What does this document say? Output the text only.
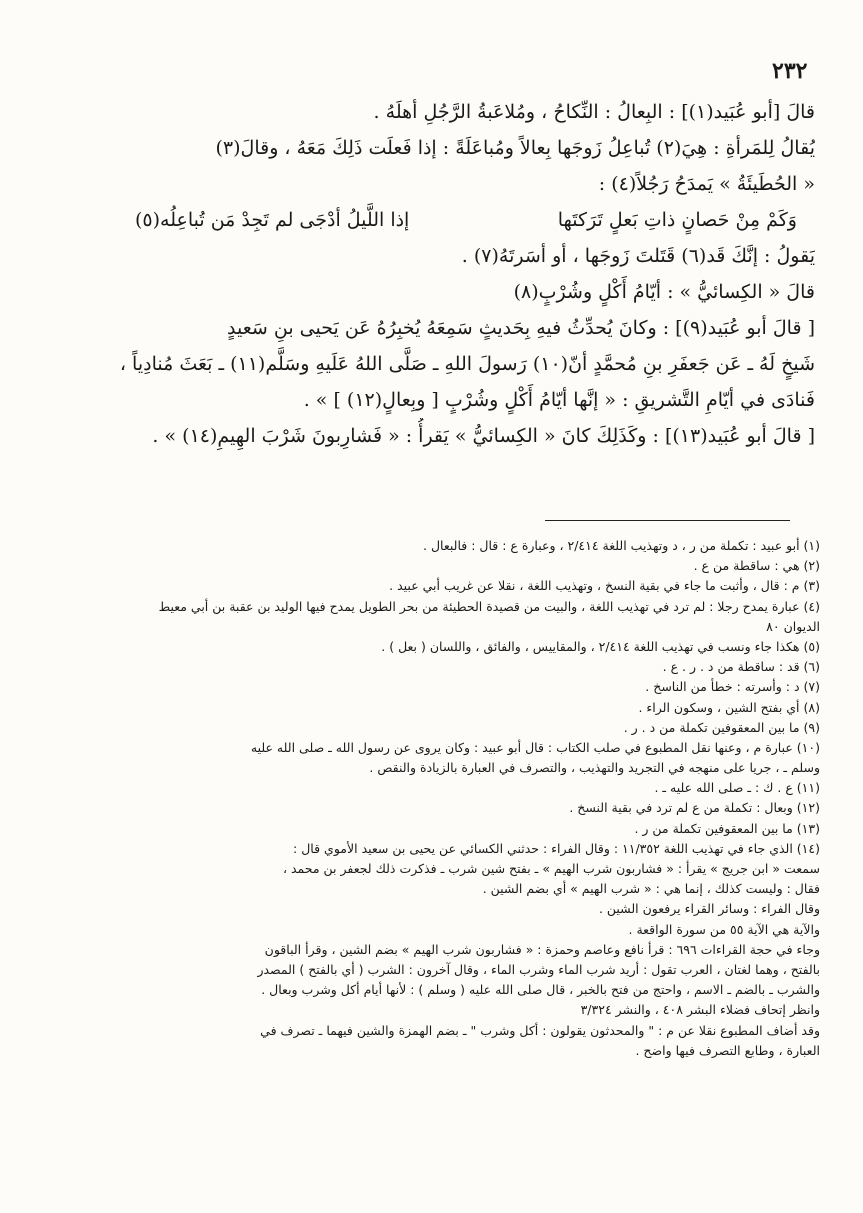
٢٣٢
قالَ [أبو عُبَيد(١)] : البِعالُ : النِّكاحُ ، ومُلاعَبةُ الرَّجُلِ أهلَهُ .
يُقالُ لِلمَرأةِ : هِيَ(٢) تُباعِلُ زَوجَها بِعالاً ومُباعَلَةً : إذا فَعلَت ذَلِكَ مَعَهُ ، وقالَ(٣)
« الحُطَيئَةُ » يَمدَحُ رَجُلاً(٤) :
وَكَمْ مِنْ حَصانٍ ذاتِ بَعلٍ تَرَكتَها
إذا اللَّيلُ أدْجَى لم تَجِدْ مَن تُباعِلُه(٥)
يَقولُ : إنَّكَ قَد(٦) قَتَلتَ زَوجَها ، أو أسَرتَهُ(٧) .
قالَ « الكِسائيُّ » : أيّامُ أَكْلٍ وشُرْبٍ(٨)
[ قالَ أبو عُبَيد(٩)] : وكانَ يُحدِّثُ فيهِ بِحَديثٍ سَمِعَهُ يُخبِرُهُ عَن يَحيى بنِ سَعيدٍ
شَيخٍ لَهُ ـ عَن جَعفَرِ بنِ مُحمَّدٍ أنّ(١٠) رَسولَ اللهِ ـ صَلَّى اللهُ عَلَيهِ وسَلَّم(١١) ـ بَعَثَ مُنادِياً ،
فَنادَى في أيّامِ التَّشريقِ : « إنَّها أيّامُ أَكْلٍ وشُرْبٍ [ وبِعالٍ(١٢) ] » .
[ قالَ أبو عُبَيد(١٣)] : وكَذَلِكَ كانَ « الكِسائيُّ » يَقرأُ : « فَشارِبونَ شَرْبَ الهِيمِ(١٤) » .
(١) أبو عبيد : تكملة من ر ، د وتهذيب اللغة ٢/٤١٤ ، وعبارة ع : قال : فالبعال .
(٢) هي : ساقطة من ع .
(٣) م : قال ، وأثبت ما جاء في بقية النسخ ، وتهذيب اللغة ، نقلا عن غريب أبي عبيد .
(٤) عبارة يمدح رجلا : لم ترد في تهذيب اللغة ، والبيت من قصيدة الحطيئة من بحر الطويل يمدح فيها الوليد بن عقبة بن أبي معيط
الديوان ٨٠
(٥) هكذا جاء ونسب في تهذيب اللغة ٢/٤١٤ ، والمقاييس ، والفائق ، واللسان ( بعل ) .
(٦) قد : ساقطة من د . ر . ع .
(٧) د : وأسرته : خطأ من الناسخ .
(٨) أي بفتح الشين ، وسكون الراء .
(٩) ما بين المعقوفين تكملة من د . ر .
(١٠) عبارة م ، وعنها نقل المطبوع في صلب الكتاب : قال أبو عبيد : وكان يروى عن رسول الله ـ صلى الله عليه
وسلم ـ ، جريا على منهجه في التجريد والتهذيب ، والتصرف في العبارة بالزيادة والنقص .
(١١) ع . ك : ـ صلى الله عليه ـ .
(١٢) وبعال : تكملة من ع لم ترد في بقية النسخ .
(١٣) ما بين المعقوفين تكملة من ر .
(١٤) الذي جاء في تهذيب اللغة ١١/٣٥٢ : وقال الفراء : حدثني الكسائي عن يحيى بن سعيد الأموي قال :
سمعت « ابن جريج » يقرأ : « فشاربون شرب الهيم » ـ بفتح شين شرب ـ فذكرت ذلك لجعفر بن محمد ،
فقال : وليست كذلك ، إنما هي : « شرب الهيم » أي بضم الشين .
وقال الفراء : وسائر القراء يرفعون الشين .
والآية هي الآية ٥٥ من سورة الواقعة .
وجاء في حجة القراءات ٦٩٦ : قرأ نافع وعاصم وحمزة : « فشاربون شرب الهيم » بضم الشين ، وقرأ الباقون
بالفتح ، وهما لغتان ، العرب تقول : أريد شرب الماء وشرب الماء ، وقال آخرون : الشرب ( أي بالفتح ) المصدر
والشرب ـ بالضم ـ الاسم ، واحتج من فتح بالخبر ، قال صلى الله عليه ( وسلم ) : لأنها أيام أكل وشرب وبعال .
وانظر إتحاف فضلاء البشر ٤٠٨ ، والنشر ٣/٣٢٤
وقد أضاف المطبوع نقلا عن م : " والمحدثون يقولون : أكل وشرب " ـ بضم الهمزة والشين فيهما ـ تصرف في
العبارة ، وطابع التصرف فيها واضح .
